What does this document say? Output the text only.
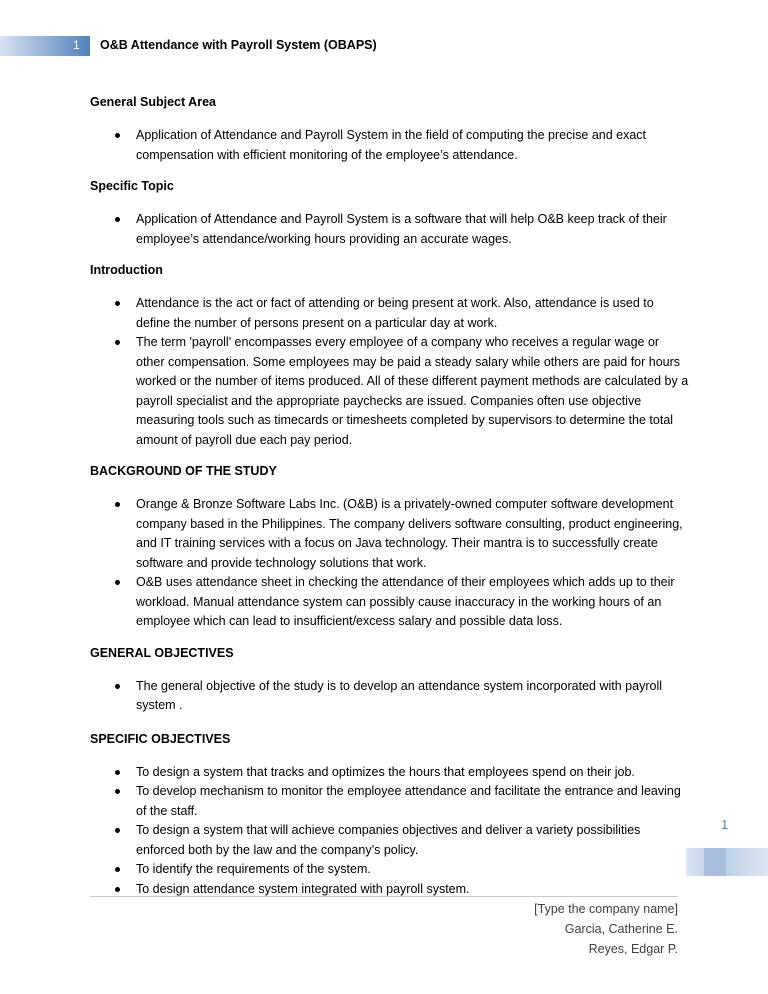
1 O&B Attendance with Payroll System (OBAPS)
General Subject Area
Application of Attendance and Payroll System in the field of computing the precise and exact compensation with efficient monitoring of the employee’s attendance.
Specific Topic
Application of Attendance and Payroll System is a software that will help O&B keep track of their employee’s attendance/working hours providing an accurate wages.
Introduction
Attendance is the act or fact of attending or being present at work. Also, attendance is used to define the number of persons present on a particular day at work.
The term 'payroll' encompasses every employee of a company who receives a regular wage or other compensation. Some employees may be paid a steady salary while others are paid for hours worked or the number of items produced. All of these different payment methods are calculated by a payroll specialist and the appropriate paychecks are issued. Companies often use objective measuring tools such as timecards or timesheets completed by supervisors to determine the total amount of payroll due each pay period.
BACKGROUND OF THE STUDY
Orange & Bronze Software Labs Inc. (O&B) is a privately-owned computer software development company based in the Philippines. The company delivers software consulting, product engineering, and IT training services with a focus on Java technology. Their mantra is to successfully create software and provide technology solutions that work.
O&B uses attendance sheet in checking the attendance of their employees which adds up to their workload. Manual attendance system can possibly cause inaccuracy in the working hours of an employee which can lead to insufficient/excess salary and possible data loss.
GENERAL OBJECTIVES
The general objective of the study is to develop an attendance system incorporated with payroll system .
SPECIFIC OBJECTIVES
To design a system that tracks and optimizes the hours that employees spend on their job.
To develop mechanism to monitor the employee attendance and facilitate the entrance and leaving of the staff.
To design a system that will achieve companies objectives and deliver a variety possibilities enforced both by the law and the company’s policy.
To identify the requirements of the system.
To design attendance system integrated with payroll system.
1
[Type the company name]
Garcia, Catherine E.
Reyes, Edgar P.
